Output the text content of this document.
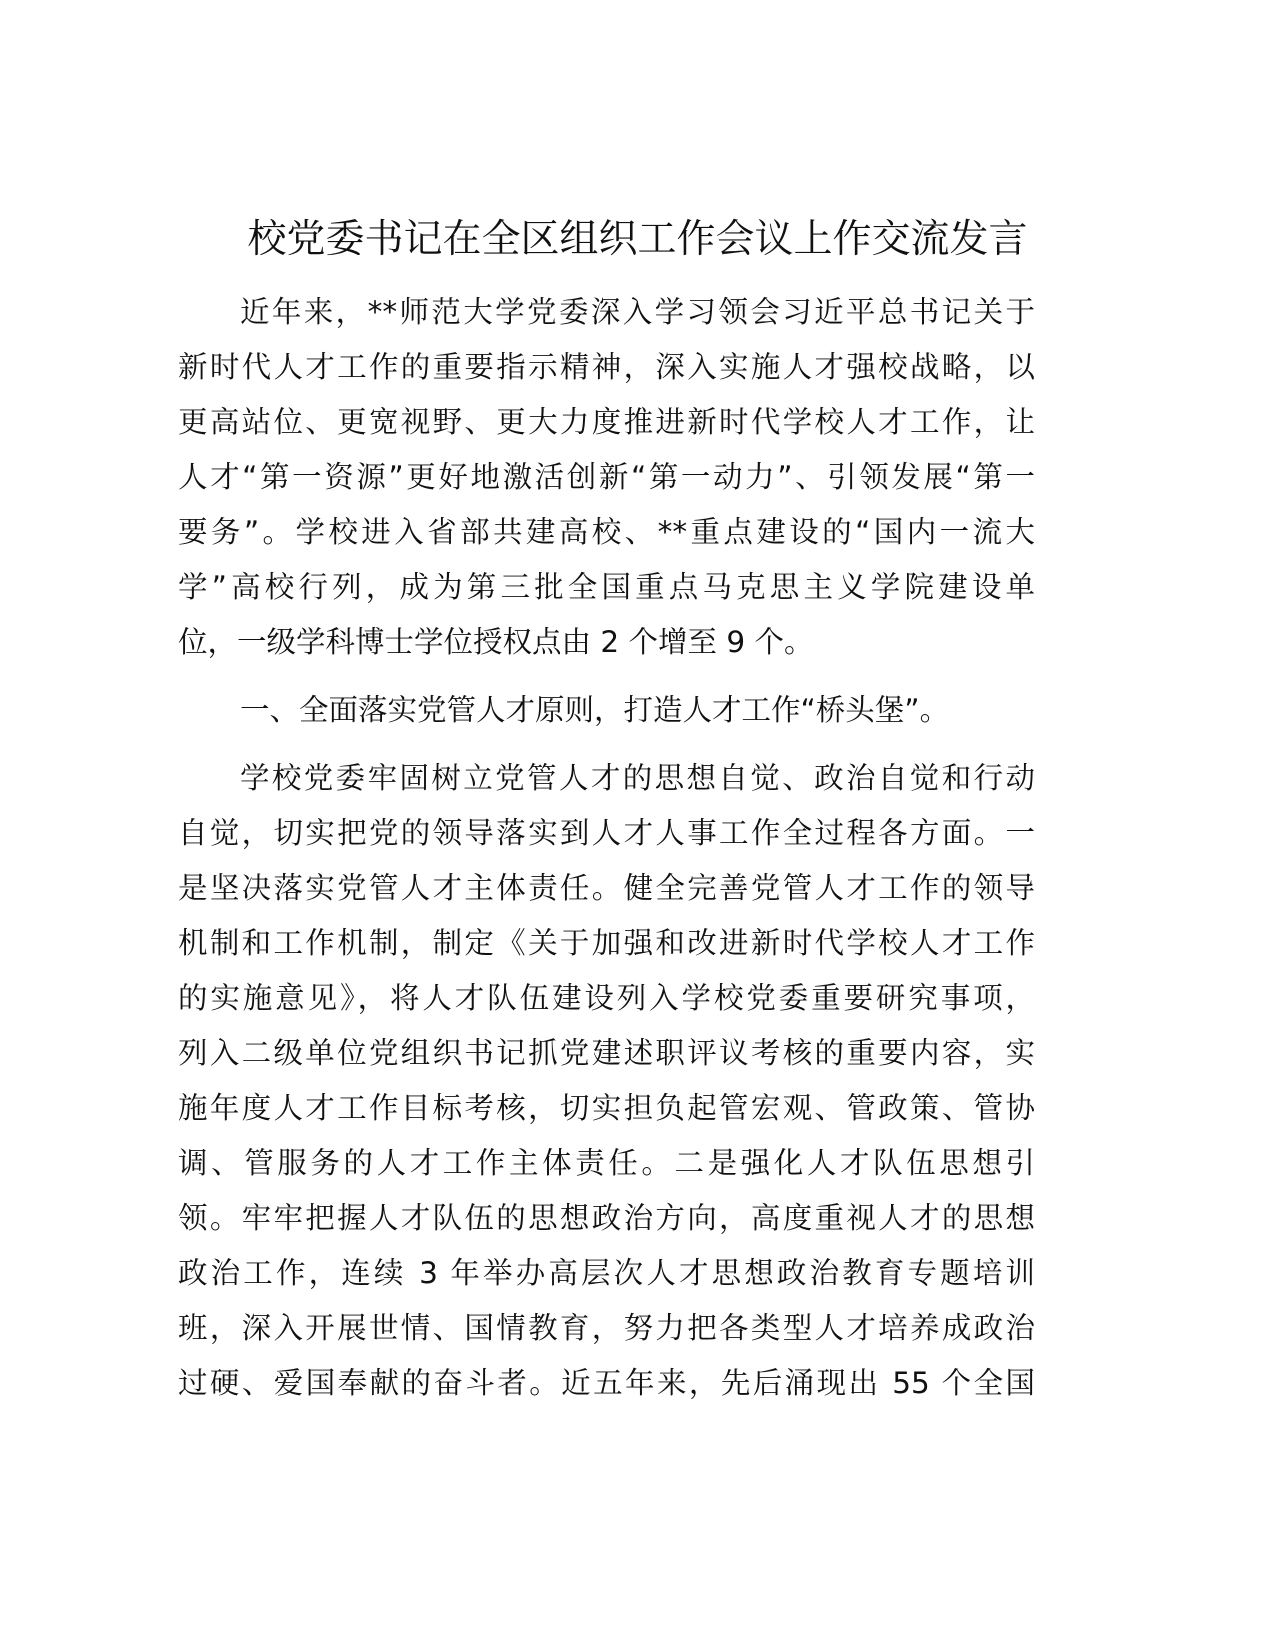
校党委书记在全区组织工作会议上作交流发言
近年来，**师范大学党委深入学习领会习近平总书记关于
新时代人才工作的重要指示精神，深入实施人才强校战略，以
更高站位、更宽视野、更大力度推进新时代学校人才工作，让
人才“第一资源”更好地激活创新“第一动力”、引领发展“第一
要务”。学校进入省部共建高校、**重点建设的“国内一流大
学”高校行列，成为第三批全国重点马克思主义学院建设单
位，一级学科博士学位授权点由 2 个增至 9 个。
一、全面落实党管人才原则，打造人才工作“桥头堡”。
学校党委牢固树立党管人才的思想自觉、政治自觉和行动
自觉，切实把党的领导落实到人才人事工作全过程各方面。一
是坚决落实党管人才主体责任。健全完善党管人才工作的领导
机制和工作机制，制定《关于加强和改进新时代学校人才工作
的实施意见》，将人才队伍建设列入学校党委重要研究事项，
列入二级单位党组织书记抓党建述职评议考核的重要内容，实
施年度人才工作目标考核，切实担负起管宏观、管政策、管协
调、管服务的人才工作主体责任。二是强化人才队伍思想引
领。牢牢把握人才队伍的思想政治方向，高度重视人才的思想
政治工作，连续 3 年举办高层次人才思想政治教育专题培训
班，深入开展世情、国情教育，努力把各类型人才培养成政治
过硬、爱国奉献的奋斗者。近五年来，先后涌现出 55 个全国
